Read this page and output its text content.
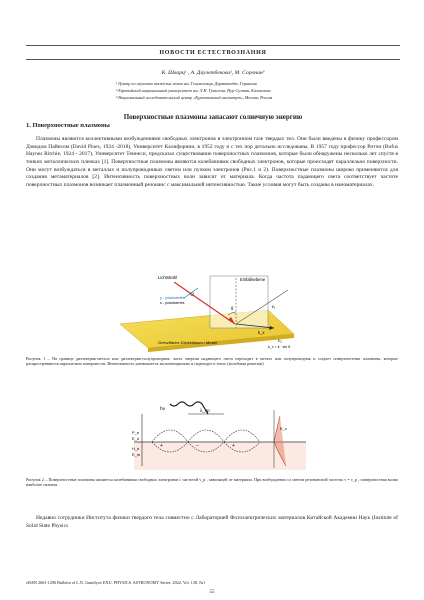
НОВОСТИ ЕСТЕСТВОЗНАНИЯ
К. Шварц¹ , А. Даулетбекова², М. Соронин³
¹ Центр по изучению тяжёлых ионов им. Гельмгольца, Дармштадт, Германия
² Евразийский национальный университет им. Л.Н. Гумилева, Нур-Султан, Казахстан
³ Национальный исследовательский центр «Курчатовский институт», Москва, Россия
Поверхностные плазмоны запасают солнечную энергию
1. Поверхностные плазмоны
Плазмоны являются коллективными возбуждениями свободных электронов в электронном газе твердых тел. Они были введены в физику профессором Дэвидом Пайнсом (David Pines, 1924 -2018), Университет Калифорнии, в 1952 году и с тех пор детально исследованы. В 1957 году профессор Ритчи (Rufus Haynes Ritchie, 1924 - 2017), Университет Теннеси, предсказал существование поверхностных плазмонов, которые были обнаружены несколько лет спустя в тонких металлических пленках [1]. Поверхностные плазмоны являются колебаниями свободных электронов, которые происходят параллельно поверхности. Они могут возбуждаться в металлах и полупроводниках светом или пучком электронов (Рис.1 и 2). Поверхностные плазмоны широко применяются для создания метаматериалов [2]. Интенсивность поверхностных волн зависит от материала. Когда частота падающего света соответствует частоте поверхностных плазмонов возникает плазмонный резонанс с максимальной интенсивностью. Такие условия могут быть созданы в наноматериалах.
Lichtstrahl	Einfallsebene
p - polarisiertes
s - polarisiertes
θ	ε₁
ε₂
k_x
Grenzfläche Dielektrikum / Metall
k_x = k · sin θ
Рисунок 1 – На границе диэлектрик-металл или диэлектрик-полупроводник, часть энергии падающего света переходит в металл или полупроводник и создает поверхностные плазмоны, которые распространяются параллельно поверхности. Интенсивность уменьшается экспоненциально и переходит в тепло (волобатка решетки)
+	−	+
λ_sp
hν
P_e
E_d
H_e
E_m
E_z
Рисунок 2 – Поверхностные плазмоны являются колебаниями свободных электронов с частотой ν_p , зависящей от материала. При возбуждении со светом резонансной частоты ν = ν_p , поверхностная волна наиболее сильная
Недавно сотрудники Института физики твердого тела совместно с Лабораторией Фотоэлектрических материалов Китайской Академии Наук (Institute of Solid State Physics
eISSN 2663-1296 Bulletin of L.N. Gumilyov ENU. PHYSICS. ASTRONOMY Series, 2022, Vol. 138, №1
55
